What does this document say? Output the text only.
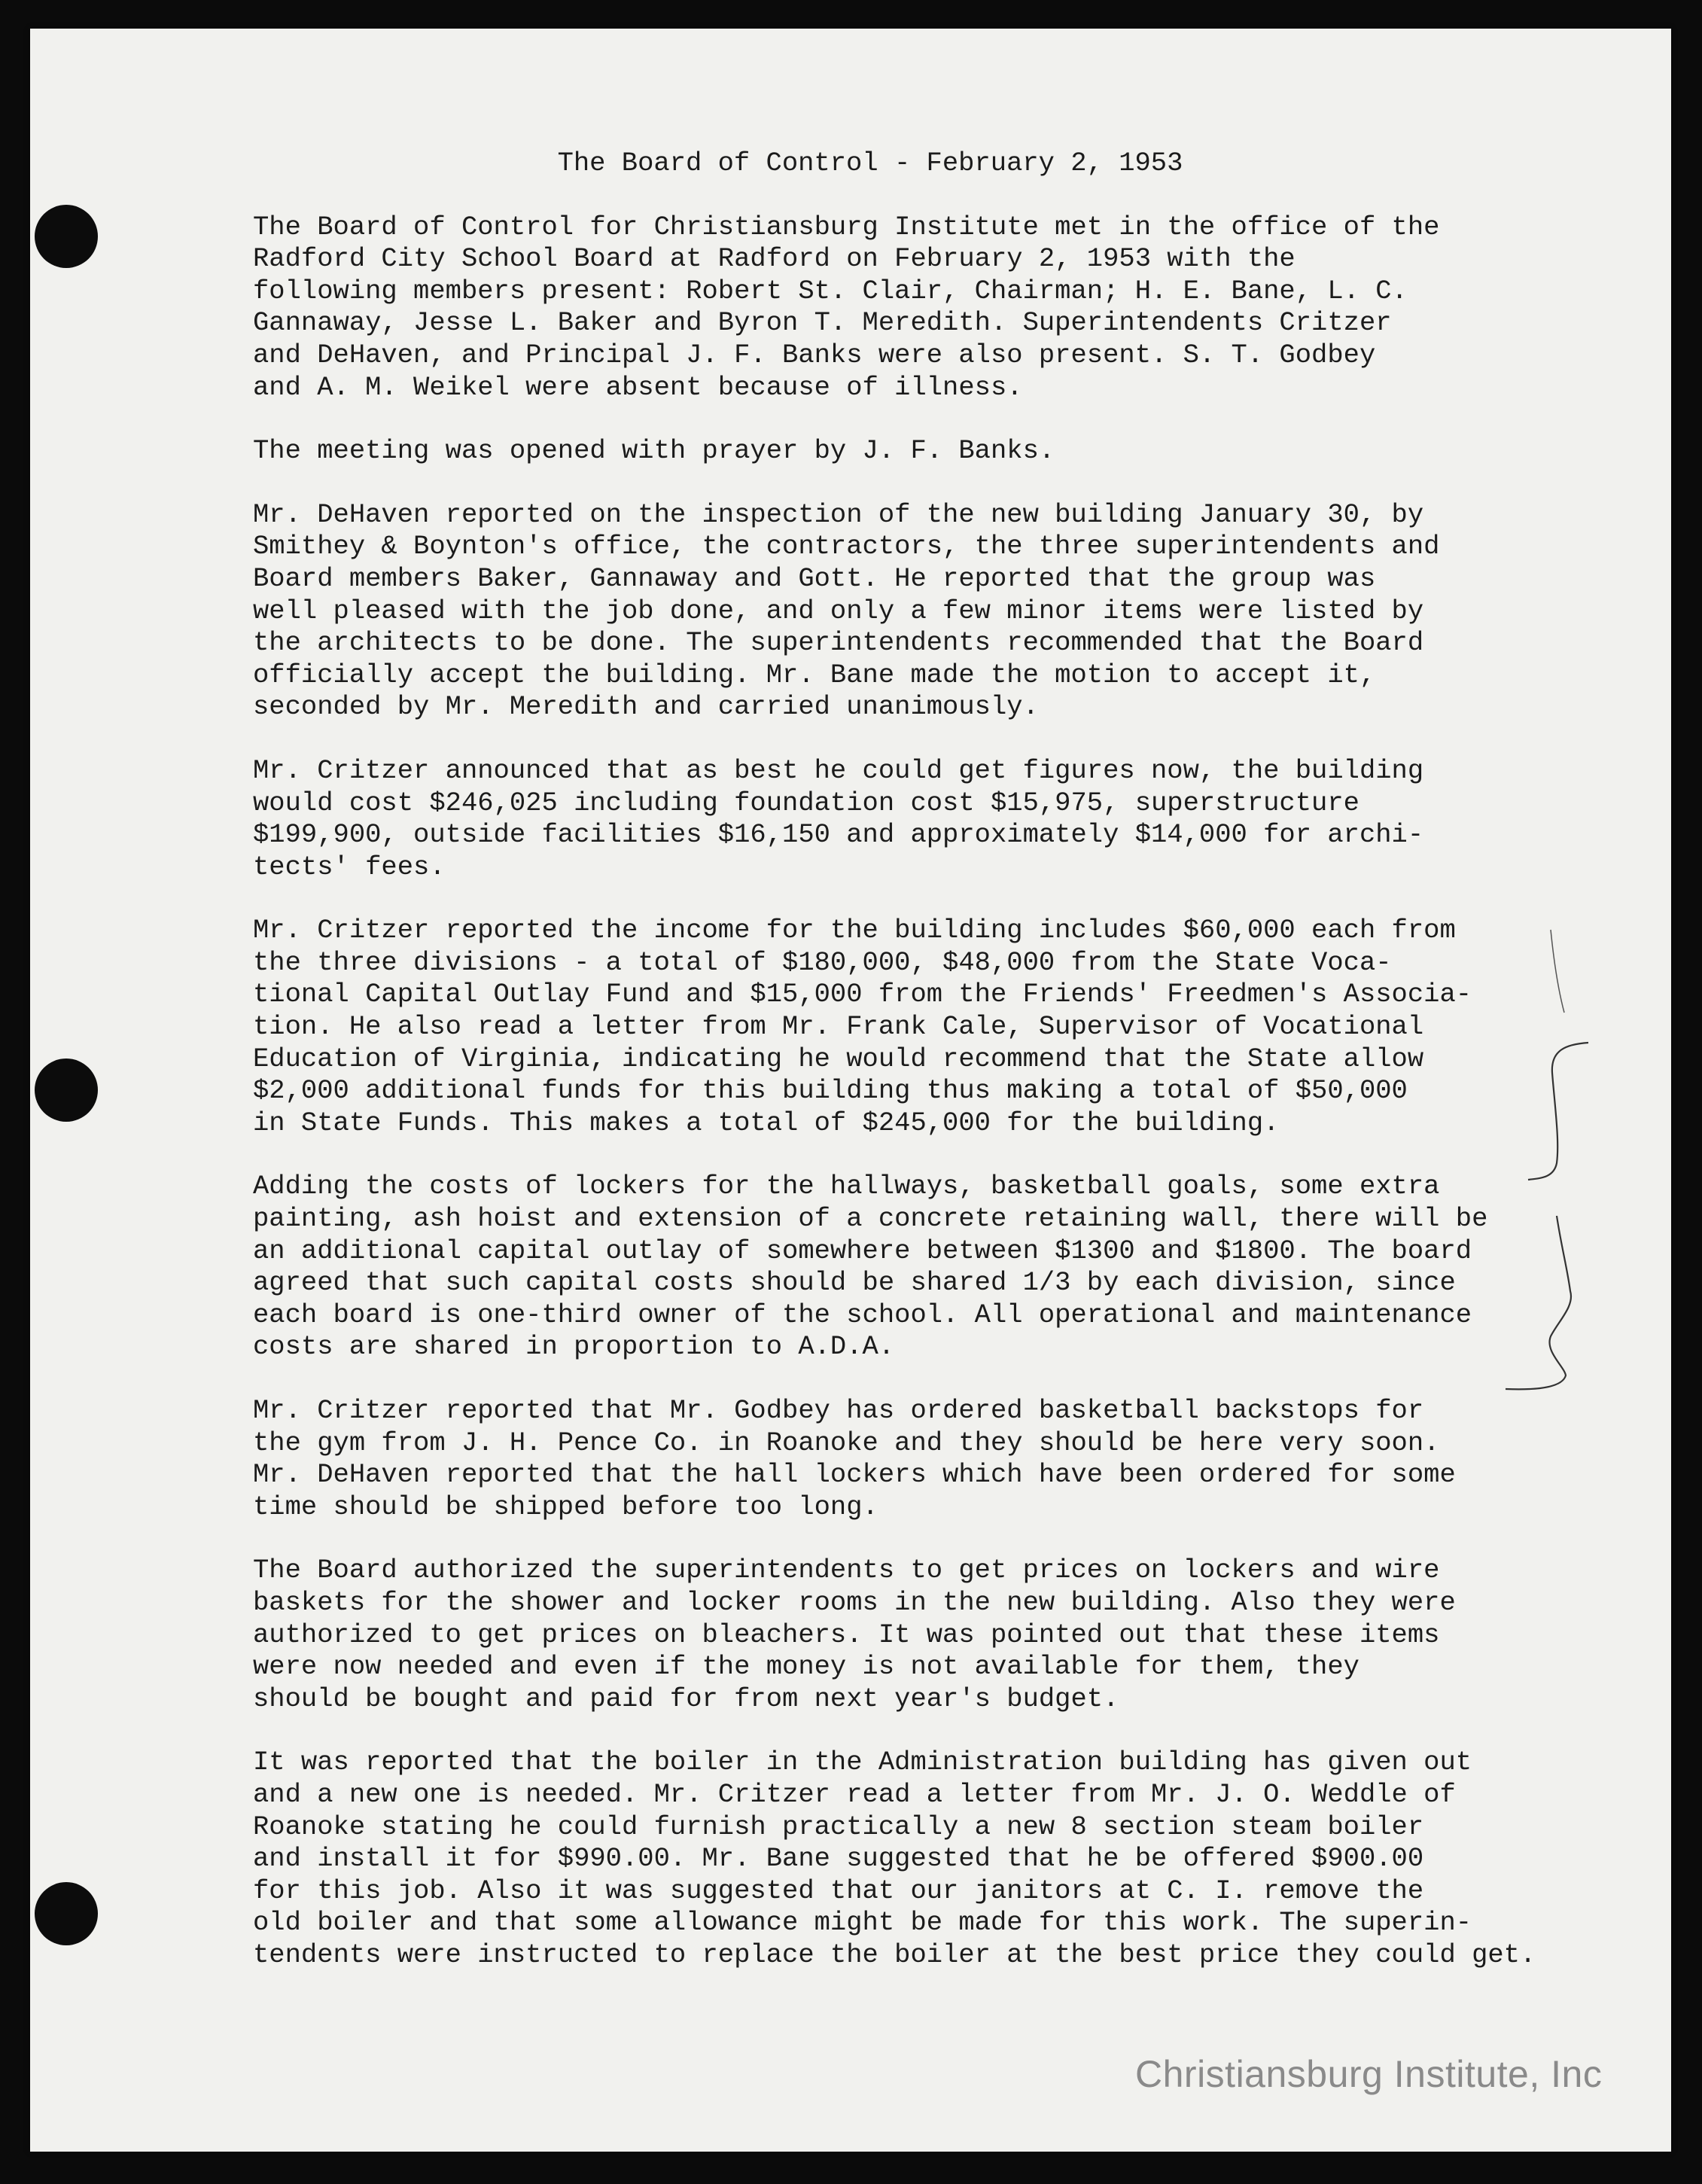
The Board of Control - February 2, 1953
The Board of Control for Christiansburg Institute met in the office of the
Radford City School Board at Radford on February 2, 1953 with the
following members present: Robert St. Clair, Chairman; H. E. Bane, L. C.
Gannaway, Jesse L. Baker and Byron T. Meredith. Superintendents Critzer
and DeHaven, and Principal J. F. Banks were also present. S. T. Godbey
and A. M. Weikel were absent because of illness.
The meeting was opened with prayer by J. F. Banks.
Mr. DeHaven reported on the inspection of the new building January 30, by
Smithey & Boynton's office, the contractors, the three superintendents and
Board members Baker, Gannaway and Gott. He reported that the group was
well pleased with the job done, and only a few minor items were listed by
the architects to be done. The superintendents recommended that the Board
officially accept the building. Mr. Bane made the motion to accept it,
seconded by Mr. Meredith and carried unanimously.
Mr. Critzer announced that as best he could get figures now, the building
would cost $246,025 including foundation cost $15,975, superstructure
$199,900, outside facilities $16,150 and approximately $14,000 for archi-
tects' fees.
Mr. Critzer reported the income for the building includes $60,000 each from
the three divisions - a total of $180,000, $48,000 from the State Voca-
tional Capital Outlay Fund and $15,000 from the Friends' Freedmen's Associa-
tion. He also read a letter from Mr. Frank Cale, Supervisor of Vocational
Education of Virginia, indicating he would recommend that the State allow
$2,000 additional funds for this building thus making a total of $50,000
in State Funds. This makes a total of $245,000 for the building.
Adding the costs of lockers for the hallways, basketball goals, some extra
painting, ash hoist and extension of a concrete retaining wall, there will be
an additional capital outlay of somewhere between $1300 and $1800. The board
agreed that such capital costs should be shared 1/3 by each division, since
each board is one-third owner of the school. All operational and maintenance
costs are shared in proportion to A.D.A.
Mr. Critzer reported that Mr. Godbey has ordered basketball backstops for
the gym from J. H. Pence Co. in Roanoke and they should be here very soon.
Mr. DeHaven reported that the hall lockers which have been ordered for some
time should be shipped before too long.
The Board authorized the superintendents to get prices on lockers and wire
baskets for the shower and locker rooms in the new building. Also they were
authorized to get prices on bleachers. It was pointed out that these items
were now needed and even if the money is not available for them, they
should be bought and paid for from next year's budget.
It was reported that the boiler in the Administration building has given out
and a new one is needed. Mr. Critzer read a letter from Mr. J. O. Weddle of
Roanoke stating he could furnish practically a new 8 section steam boiler
and install it for $990.00. Mr. Bane suggested that he be offered $900.00
for this job. Also it was suggested that our janitors at C. I. remove the
old boiler and that some allowance might be made for this work. The superin-
tendents were instructed to replace the boiler at the best price they could get.
Christiansburg Institute, Inc
